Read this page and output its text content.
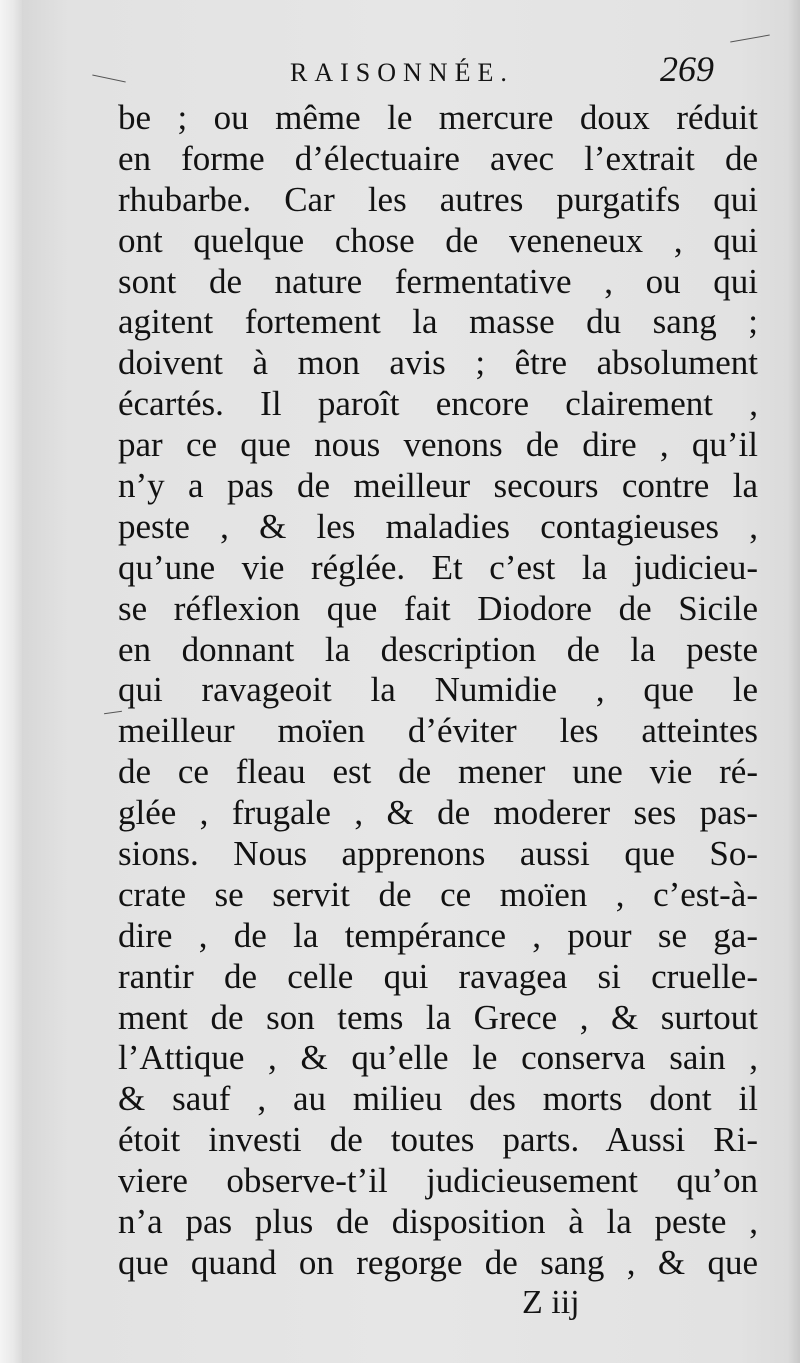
RAISONNÉE.	269
be ; ou même le mercure doux réduit
en forme d’électuaire avec l’extrait de
rhubarbe. Car les autres purgatifs qui
ont quelque chose de veneneux , qui
sont de nature fermentative , ou qui
agitent fortement la masse du sang ;
doivent à mon avis ; être absolument
écartés. Il paroît encore clairement ,
par ce que nous venons de dire , qu’il
n’y a pas de meilleur secours contre la
peste , & les maladies contagieuses ,
qu’une vie réglée. Et c’est la judicieu-
se réflexion que fait Diodore de Sicile
en donnant la description de la peste
qui ravageoit la Numidie , que le
meilleur moïen d’éviter les atteintes
de ce fleau est de mener une vie ré-
glée , frugale , & de moderer ses pas-
sions. Nous apprenons aussi que So-
crate se servit de ce moïen , c’est-à-
dire , de la tempérance , pour se ga-
rantir de celle qui ravagea si cruelle-
ment de son tems la Grece , & surtout
l’Attique , & qu’elle le conserva sain ,
& sauf , au milieu des morts dont il
étoit investi de toutes parts. Aussi Ri-
viere observe-t’il judicieusement qu’on
n’a pas plus de disposition à la peste ,
que quand on regorge de sang , & que
Z iij
